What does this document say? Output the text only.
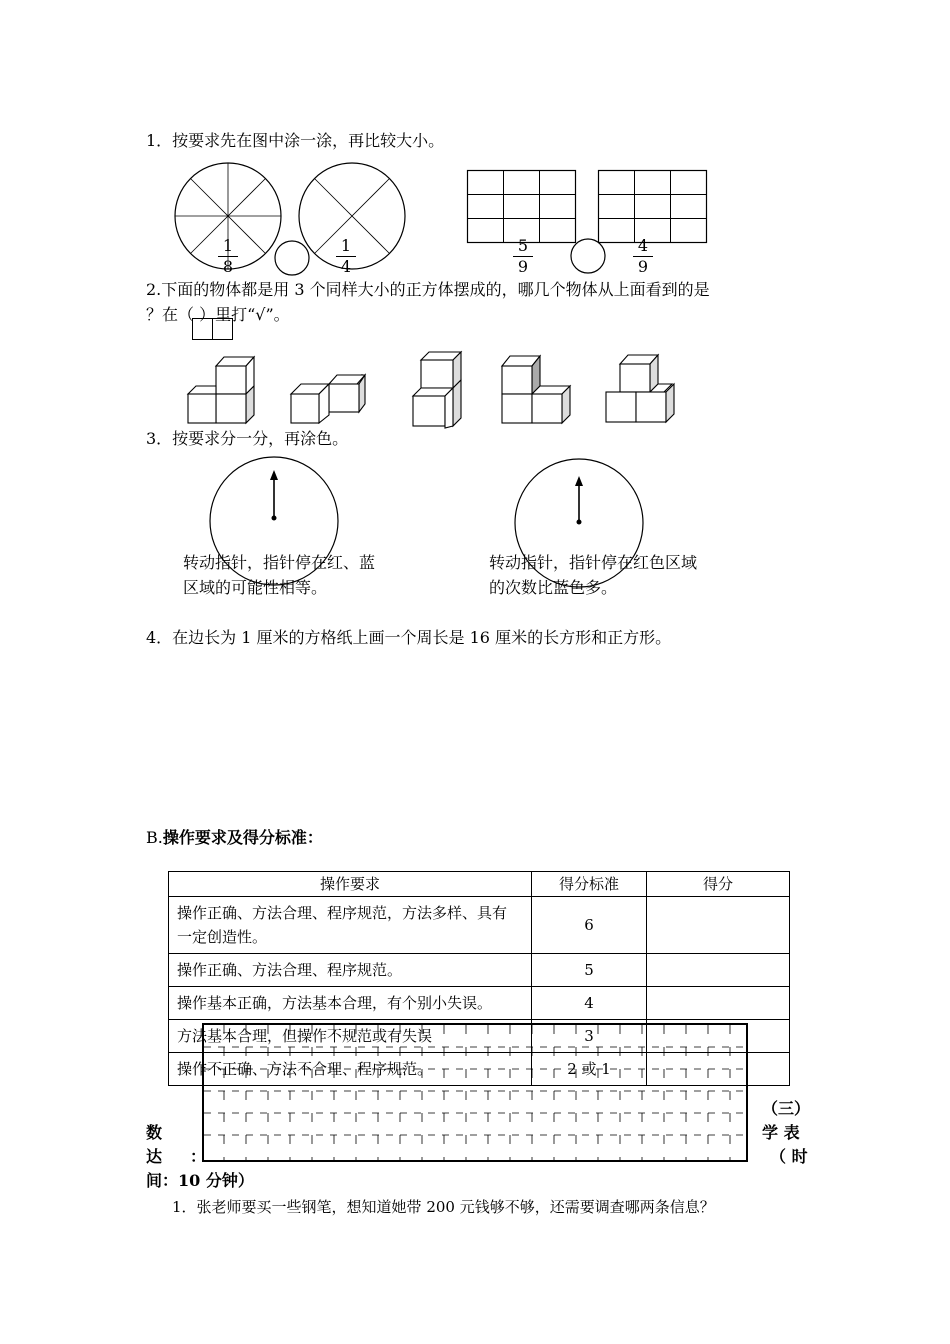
1．按要求先在图中涂一涂，再比较大小。
1
8
1
4
5
9
4
9
2.下面的物体都是用 3 个同样大小的正方体摆成的，哪几个物体从上面看到的是
？在（ ）里打“√”。
3．按要求分一分，再涂色。
转动指针，指针停在红、蓝
区域的可能性相等。
转动指针，指针停在红色区域
的次数比蓝色多。
4．在边长为 1 厘米的方格纸上画一个周长是 16 厘米的长方形和正方形。
B.操作要求及得分标准：
操作要求	得分标准	得分
操作正确、方法合理、程序规范，方法多样、具有
一定创造性。	6	
操作正确、方法合理、程序规范。	5	
操作基本正确，方法基本合理，有个别小失误。	4	
方法基本合理，但操作不规范或有失误	3	
操作不正确、方法不合理、程序规范。	2 或 1	
（三）
学 表
（ 时
数
达 ：
间：10 分钟）
1．张老师要买一些钢笔，想知道她带 200 元钱够不够，还需要调查哪两条信息？
